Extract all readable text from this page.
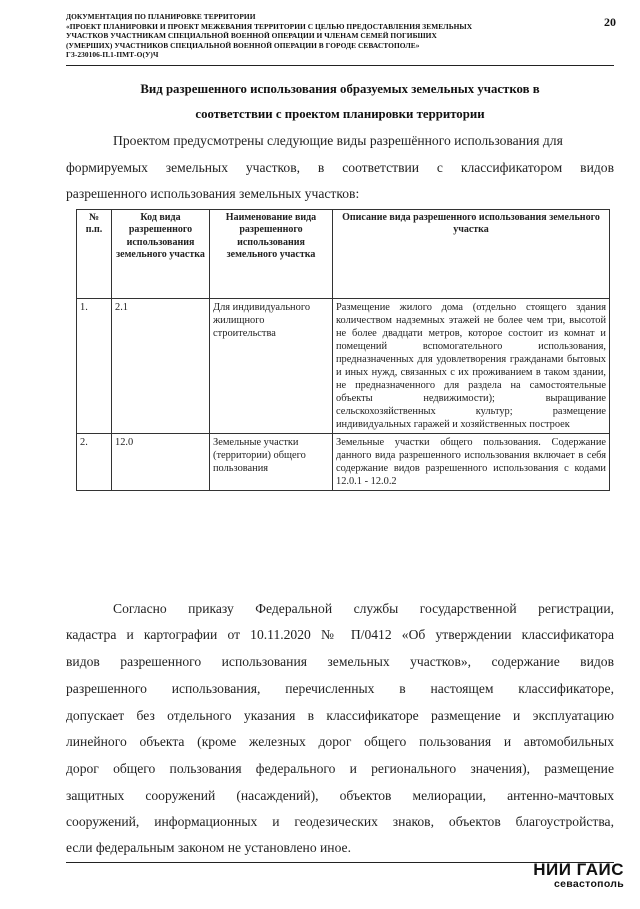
ДОКУМЕНТАЦИЯ ПО ПЛАНИРОВКЕ ТЕРРИТОРИИ
«ПРОЕКТ ПЛАНИРОВКИ И ПРОЕКТ МЕЖЕВАНИЯ ТЕРРИТОРИИ С ЦЕЛЬЮ ПРЕДОСТАВЛЕНИЯ ЗЕМЕЛЬНЫХ
УЧАСТКОВ УЧАСТНИКАМ СПЕЦИАЛЬНОЙ ВОЕННОЙ ОПЕРАЦИИ И ЧЛЕНАМ СЕМЕЙ ПОГИБШИХ
(УМЕРШИХ) УЧАСТНИКОВ СПЕЦИАЛЬНОЙ ВОЕННОЙ ОПЕРАЦИИ В ГОРОДЕ СЕВАСТОПОЛЕ»
ГЗ-230106-П.1-ПМТ-О(У)Ч
20
Вид разрешенного использования образуемых земельных участков в
соответствии с проектом планировки территории
Проектом предусмотрены следующие виды разрешённого использования для
формируемых земельных участков, в соответствии с классификатором видов
разрешенного использования земельных участков:
№ п.п.	Код вида разрешенного использования земельного участка	Наименование вида разрешенного использования земельного участка	Описание вида разрешенного использования земельного участка
1.	2.1	Для индивидуального жилищного строительства	Размещение жилого дома (отдельно стоящего здания количеством надземных этажей не более чем три, высотой не более двадцати метров, которое состоит из комнат и помещений вспомогательного использования, предназначенных для удовлетворения гражданами бытовых и иных нужд, связанных с их проживанием в таком здании, не предназначенного для раздела на самостоятельные объекты недвижимости); выращивание сельскохозяйственных культур; размещение индивидуальных гаражей и хозяйственных построек
2.	12.0	Земельные участки (территории) общего пользования	Земельные участки общего пользования. Содержание данного вида разрешенного использования включает в себя содержание видов разрешенного использования с кодами 12.0.1 - 12.0.2
Согласно приказу Федеральной службы государственной регистрации,
кадастра и картографии от 10.11.2020 № П/0412 «Об утверждении классификатора
видов разрешенного использования земельных участков», содержание видов
разрешенного использования, перечисленных в настоящем классификаторе,
допускает без отдельного указания в классификаторе размещение и эксплуатацию
линейного объекта (кроме железных дорог общего пользования и автомобильных
дорог общего пользования федерального и регионального значения), размещение
защитных сооружений (насаждений), объектов мелиорации, антенно-мачтовых
сооружений, информационных и геодезических знаков, объектов благоустройства,
если федеральным законом не установлено иное.
НИИ ГАИС
севастополь
